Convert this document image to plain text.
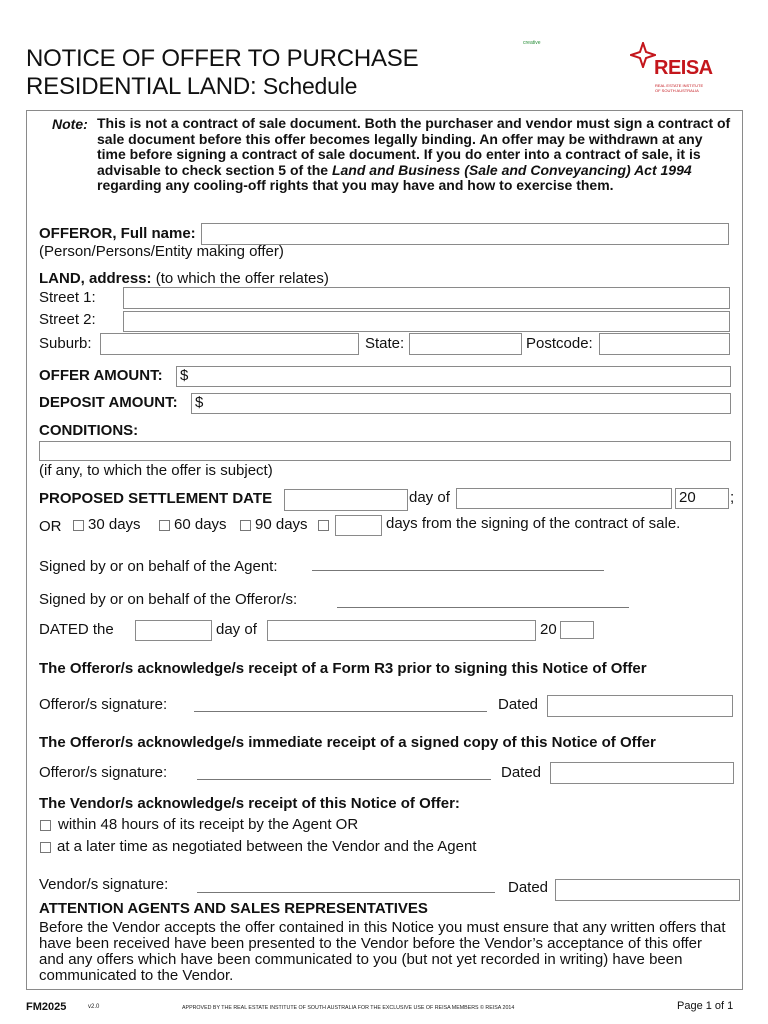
NOTICE OF OFFER TO PURCHASE
RESIDENTIAL LAND: Schedule
creative
REISA
REAL ESTATE INSTITUTE
OF SOUTH AUSTRALIA
Note: This is not a contract of sale document. Both the purchaser and vendor must sign a contract of sale document before this offer becomes legally binding. An offer may be withdrawn at any time before signing a contract of sale document. If you do enter into a contract of sale, it is advisable to check section 5 of the Land and Business (Sale and Conveyancing) Act 1994 regarding any cooling-off rights that you may have and how to exercise them.
OFFEROR, Full name:
(Person/Persons/Entity making offer)
LAND, address: (to which the offer relates)
Street 1:
Street 2:
Suburb:	State:	Postcode:
OFFER AMOUNT: $
DEPOSIT AMOUNT: $
CONDITIONS:
(if any, to which the offer is subject)
PROPOSED SETTLEMENT DATE	day of	20	;
OR 30 days 60 days 90 days	days from the signing of the contract of sale.
Signed by or on behalf of the Agent:
Signed by or on behalf of the Offeror/s:
DATED the	day of	20
The Offeror/s acknowledge/s receipt of a Form R3 prior to signing this Notice of Offer
Offeror/s signature:	Dated
The Offeror/s acknowledge/s immediate receipt of a signed copy of this Notice of Offer
Offeror/s signature:	Dated
The Vendor/s acknowledge/s receipt of this Notice of Offer:
within 48 hours of its receipt by the Agent OR
at a later time as negotiated between the Vendor and the Agent
Vendor/s signature:	Dated
ATTENTION AGENTS AND SALES REPRESENTATIVES
Before the Vendor accepts the offer contained in this Notice you must ensure that any written offers that have been received have been presented to the Vendor before the Vendor’s acceptance of this offer and any offers which have been communicated to you (but not yet recorded in writing) have been communicated to the Vendor.
FM2025	v2.0	APPROVED BY THE REAL ESTATE INSTITUTE OF SOUTH AUSTRALIA FOR THE EXCLUSIVE USE OF REISA MEMBERS © REISA 2014	Page 1 of 1
